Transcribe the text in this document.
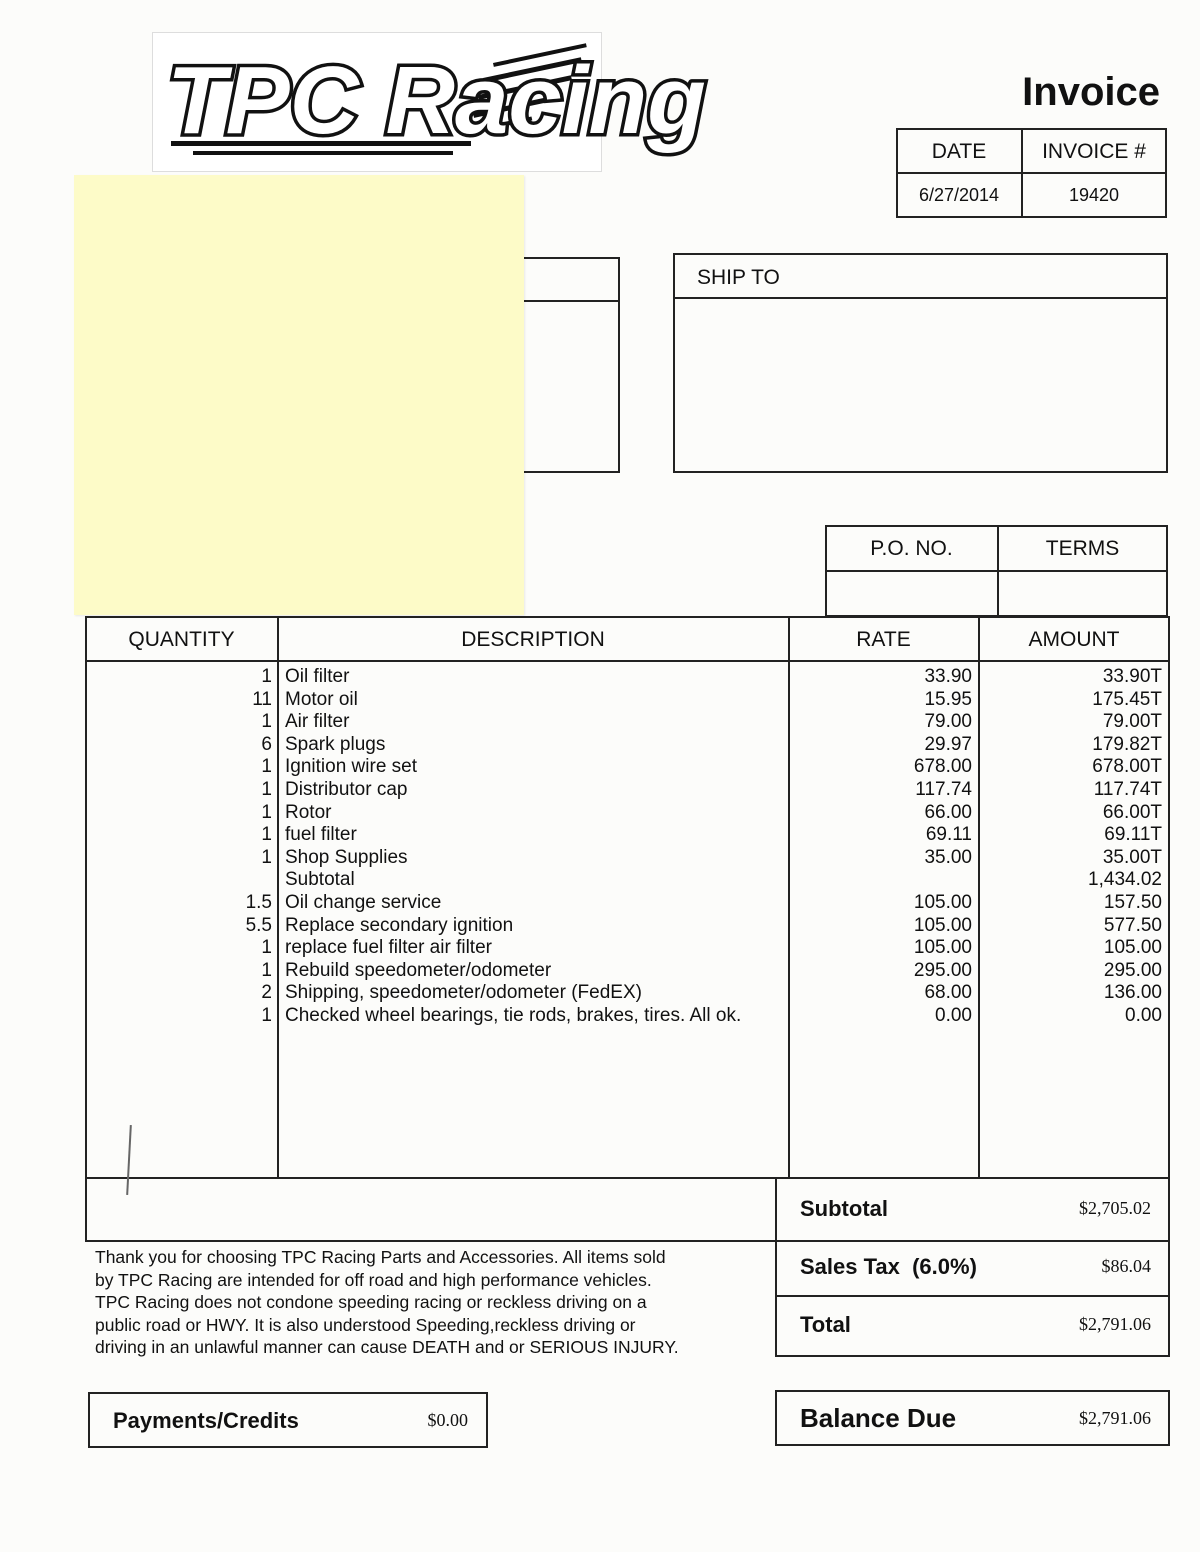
TPC Racing	Invoice
DATE	INVOICE #
6/27/2014	19420
SHIP TO
P.O. NO.	TERMS
QUANTITY	DESCRIPTION	RATE	AMOUNT
1 Oil filter	33.90	33.90T
11 Motor oil	15.95	175.45T
1 Air filter	79.00	79.00T
6 Spark plugs	29.97	179.82T
1 Ignition wire set	678.00	678.00T
1 Distributor cap	117.74	117.74T
1 Rotor	66.00	66.00T
1 fuel filter	69.11	69.11T
1 Shop Supplies	35.00	35.00T
Subtotal	1,434.02
1.5 Oil change service	105.00	157.50
5.5 Replace secondary ignition	105.00	577.50
1 replace fuel filter air filter	105.00	105.00
1 Rebuild speedometer/odometer	295.00	295.00
2 Shipping, speedometer/odometer (FedEX)	68.00	136.00
1 Checked wheel bearings, tie rods, brakes, tires. All ok.	0.00	0.00
Subtotal	$2,705.02
Sales Tax  (6.0%)	$86.04
Total	$2,791.06
Thank you for choosing TPC Racing Parts and Accessories. All items sold
by TPC Racing are intended for off road and high performance vehicles.
TPC Racing does not condone speeding racing or reckless driving on a
public road or HWY. It is also understood Speeding,reckless driving or
driving in an unlawful manner can cause DEATH and or SERIOUS INJURY.
Payments/Credits	$0.00	Balance Due	$2,791.06
